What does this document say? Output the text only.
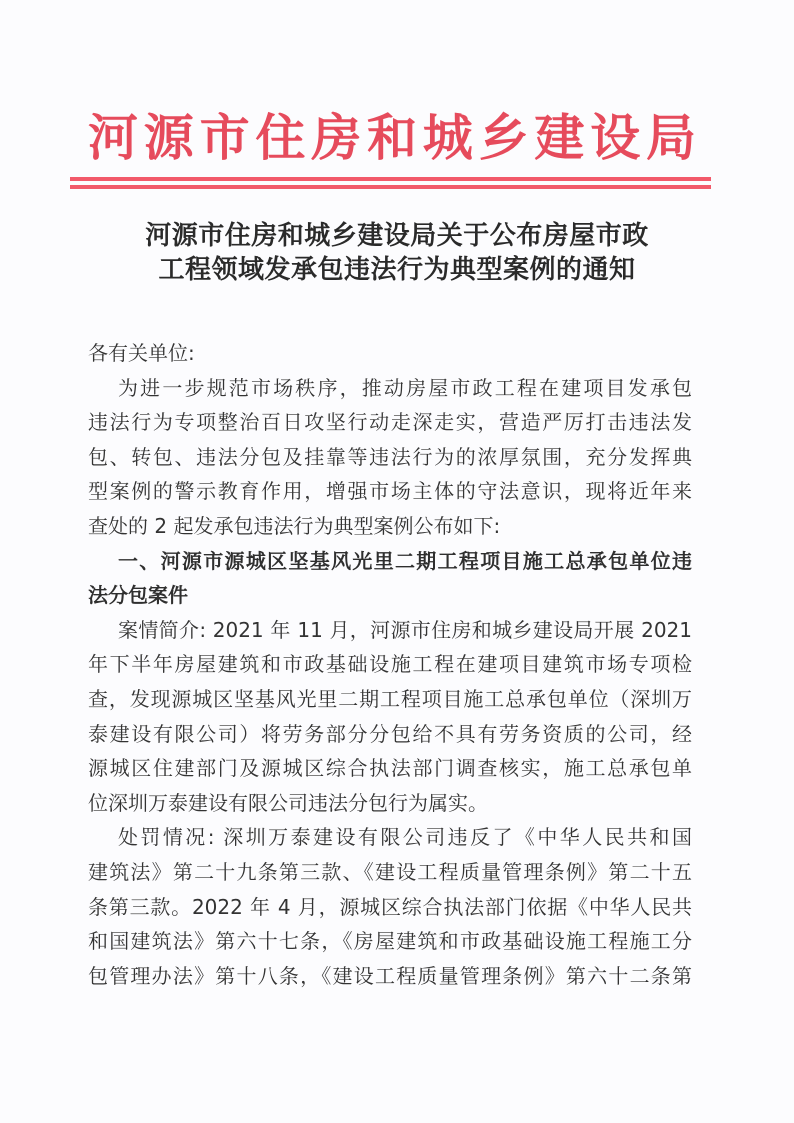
河源市住房和城乡建设局
河源市住房和城乡建设局关于公布房屋市政
工程领域发承包违法行为典型案例的通知
各有关单位:
为进一步规范市场秩序，推动房屋市政工程在建项目发承包
违法行为专项整治百日攻坚行动走深走实，营造严厉打击违法发
包、转包、违法分包及挂靠等违法行为的浓厚氛围，充分发挥典
型案例的警示教育作用，增强市场主体的守法意识，现将近年来
查处的 2 起发承包违法行为典型案例公布如下:
一、河源市源城区坚基风光里二期工程项目施工总承包单位违
法分包案件
案情简介: 2021 年 11 月，河源市住房和城乡建设局开展 2021
年下半年房屋建筑和市政基础设施工程在建项目建筑市场专项检
查，发现源城区坚基风光里二期工程项目施工总承包单位（深圳万
泰建设有限公司）将劳务部分分包给不具有劳务资质的公司，经
源城区住建部门及源城区综合执法部门调查核实，施工总承包单
位深圳万泰建设有限公司违法分包行为属实。
处罚情况: 深圳万泰建设有限公司违反了《中华人民共和国
建筑法》第二十九条第三款、《建设工程质量管理条例》第二十五
条第三款。2022 年 4 月，源城区综合执法部门依据《中华人民共
和国建筑法》第六十七条，《房屋建筑和市政基础设施工程施工分
包管理办法》第十八条，《建设工程质量管理条例》第六十二条第
